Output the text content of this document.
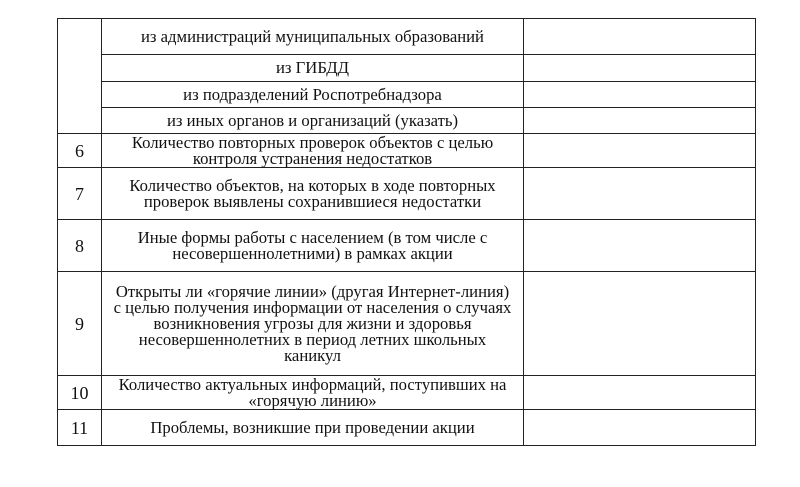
	из администраций муниципальных образований	

	из ГИБДД	

	из подразделений Роспотребнадзора	

	из иных органов и организаций (указать)	

6	Количество повторных проверок объектов с целью контроля устранения недостатков	

7	Количество объектов, на которых в ходе повторных проверок выявлены сохранившиеся недостатки	

8	Иные формы работы с населением (в том числе с несовершеннолетними) в рамках акции	

9	Открыты ли «горячие линии» (другая Интернет-линия) с целью получения информации от населения о случаях возникновения угрозы для жизни и здоровья несовершеннолетних в период летних школьных каникул	

10	Количество актуальных информаций, поступивших на «горячую линию»	

11	Проблемы, возникшие при проведении акции	
